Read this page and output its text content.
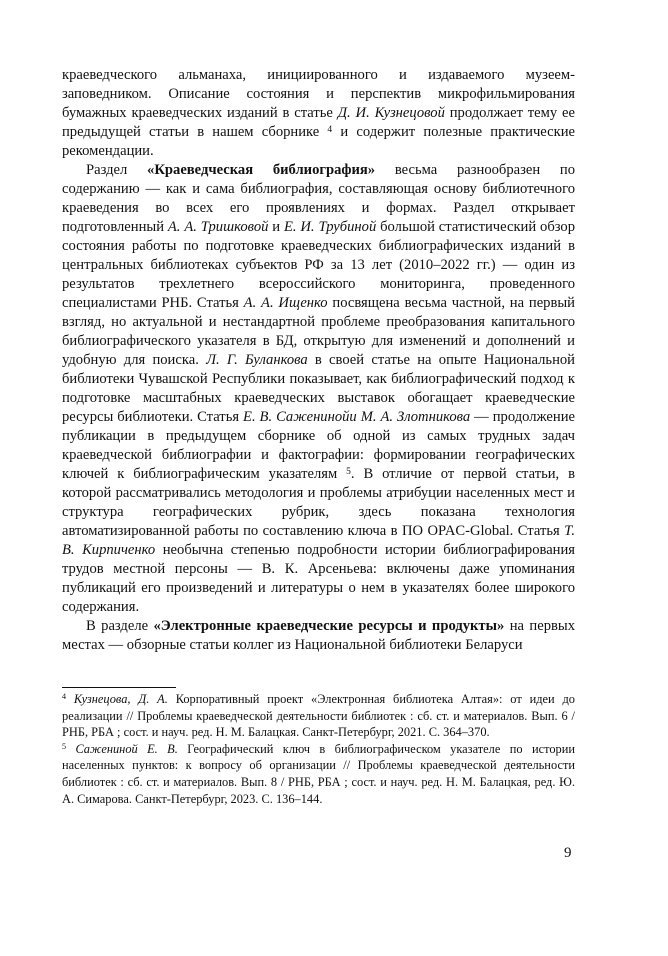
краеведческого альманаха, инициированного и издаваемого музеем-заповедником. Описание состояния и перспектив микрофильмирования бумажных краеведческих изданий в статье Д. И. Кузнецовой продолжает тему ее предыдущей статьи в нашем сборнике $^4$ и содержит полезные практические рекомендации.

Раздел «Краеведческая библиография» весьма разнообразен по содержанию — как и сама библиография, составляющая основу библиотечного краеведения во всех его проявлениях и формах. Раздел открывает подготовленный А. А. Тришковой и Е. И. Трубиной большой статистический обзор состояния работы по подготовке краеведческих библиографических изданий в центральных библиотеках субъектов РФ за 13 лет (2010–2022 гг.) — один из результатов трехлетнего всероссийского мониторинга, проведенного специалистами РНБ. Статья А. А. Ищенко посвящена весьма частной, на первый взгляд, но актуальной и нестандартной проблеме преобразования капитального библиографического указателя в БД, открытую для изменений и дополнений и удобную для поиска. Л. Г. Буланкова в своей статье на опыте Национальной библиотеки Чувашской Республики показывает, как библиографический подход к подготовке масштабных краеведческих выставок обогащает краеведческие ресурсы библиотеки. Статья Е. В. Саженинойи М. А. Злотникова — продолжение публикации в предыдущем сборнике об одной из самых трудных задач краеведческой библиографии и фактографии: формировании географических ключей к библиографическим указателям $^5$. В отличие от первой статьи, в которой рассматривались методология и проблемы атрибуции населенных мест и структура географических рубрик, здесь показана технология автоматизированной работы по составлению ключа в ПО OPAC-Global. Статья Т. В. Кирпиченко необычна степенью подробности истории библиографирования трудов местной персоны — В. К. Арсеньева: включены даже упоминания публикаций его произведений и литературы о нем в указателях более широкого содержания.

В разделе «Электронные краеведческие ресурсы и продукты» на первых местах — обзорные статьи коллег из Национальной библиотеки Беларуси

$^4$ Кузнецова, Д. А. Корпоративный проект «Электронная библиотека Алтая»: от идеи до реализации // Проблемы краеведческой деятельности библиотек : сб. ст. и материалов. Вып. 6 / РНБ, РБА ; сост. и науч. ред. Н. М. Балацкая. Санкт-Петербург, 2021. С. 364–370.

$^5$ Сажениной Е. В. Географический ключ в библиографическом указателе по истории населенных пунктов: к вопросу об организации // Проблемы краеведческой деятельности библиотек : сб. ст. и материалов. Вып. 8 / РНБ, РБА ; сост. и науч. ред. Н. М. Балацкая, ред. Ю. А. Симарова. Санкт-Петербург, 2023. С. 136–144.

9
